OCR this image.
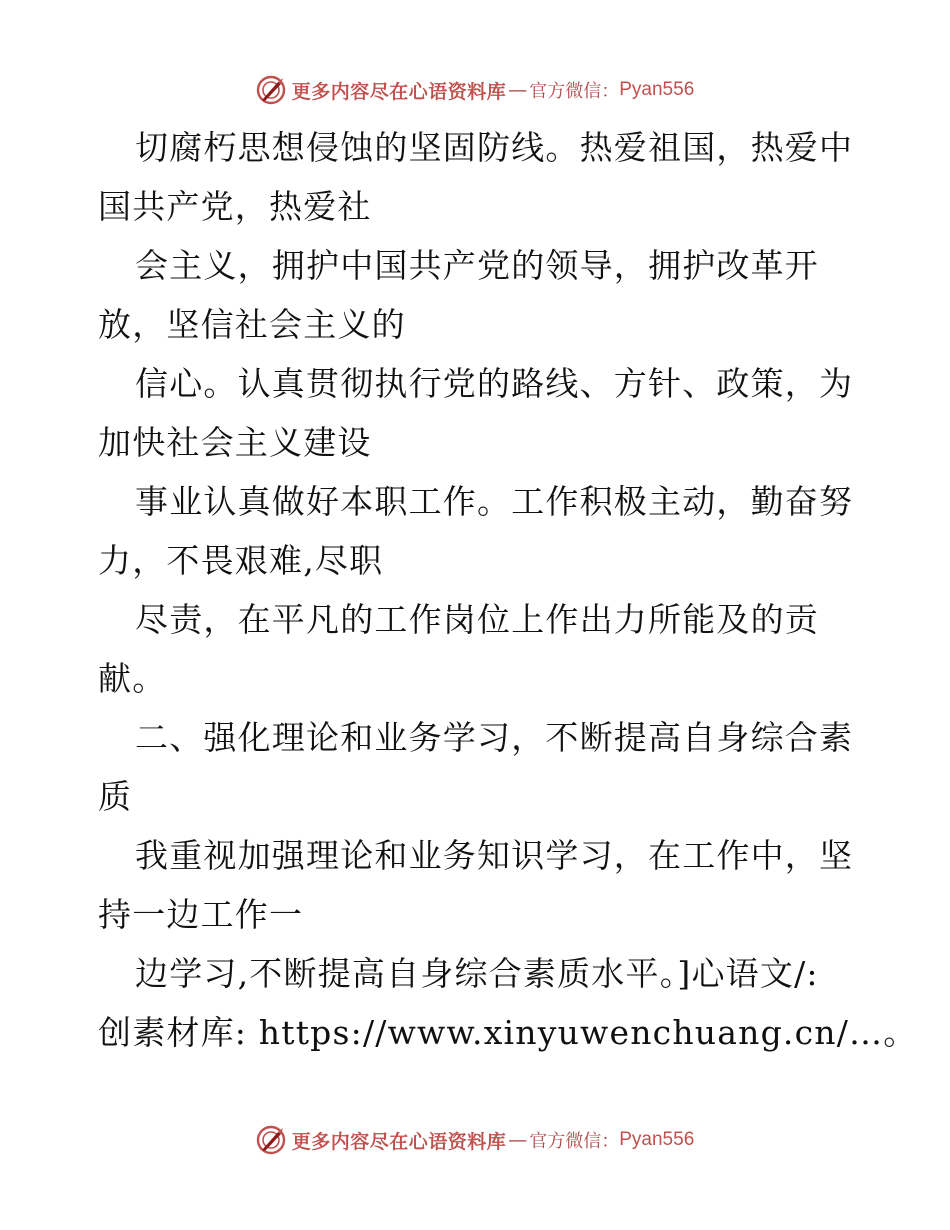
更多内容尽在心语资料库 — 官方微信： Pyan556
切腐朽思想侵蚀的坚固防线。热爱祖国，热爱中
国共产党，热爱社
会主义，拥护中国共产党的领导，拥护改革开
放，坚信社会主义的
信心。认真贯彻执行党的路线、方针、政策，为
加快社会主义建设
事业认真做好本职工作。工作积极主动，勤奋努
力，不畏艰难,尽职
尽责，在平凡的工作岗位上作出力所能及的贡
献。
二、强化理论和业务学习，不断提高自身综合素
质
我重视加强理论和业务知识学习，在工作中，坚
持一边工作一
边学习,不断提高自身综合素质水平。]心语文/:
创素材库: https://www.xinyuwenchuang.cn/…。
更多内容尽在心语资料库 — 官方微信： Pyan556
